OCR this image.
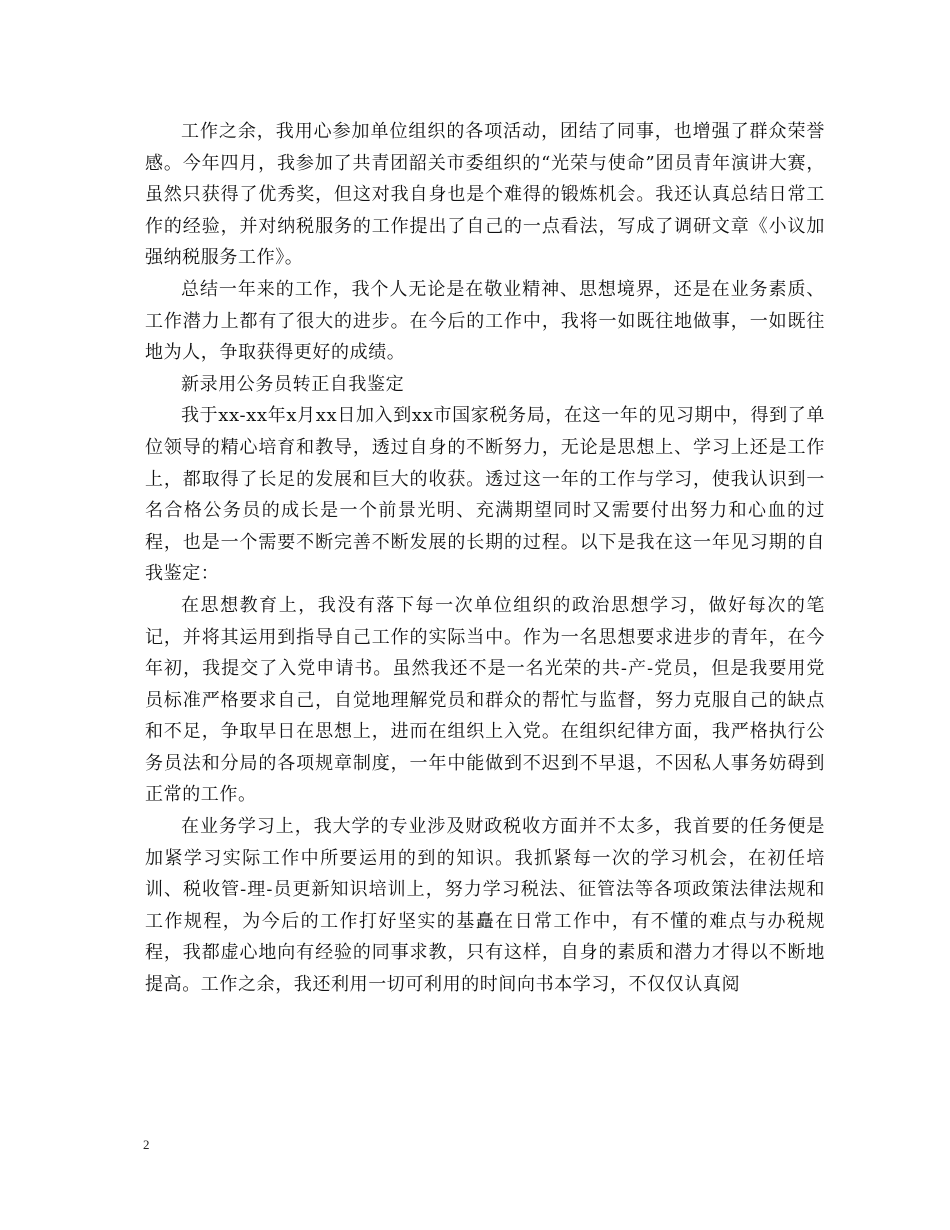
工作之余，我用心参加单位组织的各项活动，团结了同事，也增强了群众荣誉感。今年四月，我参加了共青团韶关市委组织的“光荣与使命”团员青年演讲大赛，虽然只获得了优秀奖，但这对我自身也是个难得的锻炼机会。我还认真总结日常工作的经验，并对纳税服务的工作提出了自己的一点看法，写成了调研文章《小议加强纳税服务工作》。

总结一年来的工作，我个人无论是在敬业精神、思想境界，还是在业务素质、工作潜力上都有了很大的进步。在今后的工作中，我将一如既往地做事，一如既往地为人，争取获得更好的成绩。

新录用公务员转正自我鉴定

我于xx-xx年x月xx日加入到xx市国家税务局，在这一年的见习期中，得到了单位领导的精心培育和教导，透过自身的不断努力，无论是思想上、学习上还是工作上，都取得了长足的发展和巨大的收获。透过这一年的工作与学习，使我认识到一名合格公务员的成长是一个前景光明、充满期望同时又需要付出努力和心血的过程，也是一个需要不断完善不断发展的长期的过程。以下是我在这一年见习期的自我鉴定：

在思想教育上，我没有落下每一次单位组织的政治思想学习，做好每次的笔记，并将其运用到指导自己工作的实际当中。作为一名思想要求进步的青年，在今年初，我提交了入党申请书。虽然我还不是一名光荣的共-产-党员，但是我要用党员标准严格要求自己，自觉地理解党员和群众的帮忙与监督，努力克服自己的缺点和不足，争取早日在思想上，进而在组织上入党。在组织纪律方面，我严格执行公务员法和分局的各项规章制度，一年中能做到不迟到不早退，不因私人事务妨碍到正常的工作。

在业务学习上，我大学的专业涉及财政税收方面并不太多，我首要的任务便是加紧学习实际工作中所要运用的到的知识。我抓紧每一次的学习机会，在初任培训、税收管-理-员更新知识培训上，努力学习税法、征管法等各项政策法律法规和工作规程，为今后的工作打好坚实的基矗在日常工作中，有不懂的难点与办税规程，我都虚心地向有经验的同事求教，只有这样，自身的素质和潜力才得以不断地提高。工作之余，我还利用一切可利用的时间向书本学习，不仅仅认真阅

2
